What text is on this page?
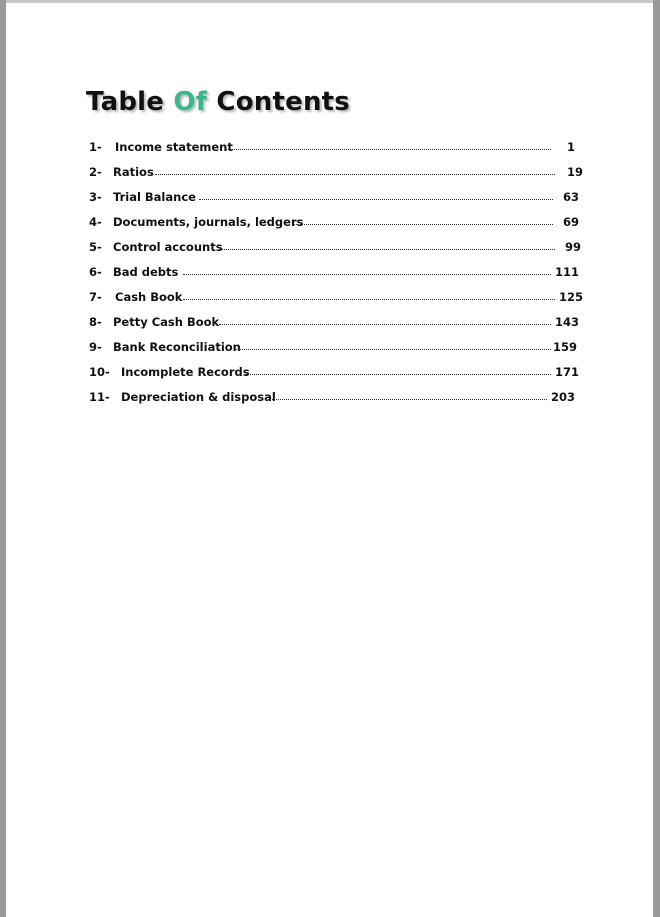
Table Of Contents
1- Income statement	1
2- Ratios	19
3- Trial Balance	63
4- Documents, journals, ledgers	69
5- Control accounts	99
6- Bad debts	111
7- Cash Book	125
8- Petty Cash Book	143
9- Bank Reconciliation	159
10- Incomplete Records	171
11- Depreciation & disposal	203
